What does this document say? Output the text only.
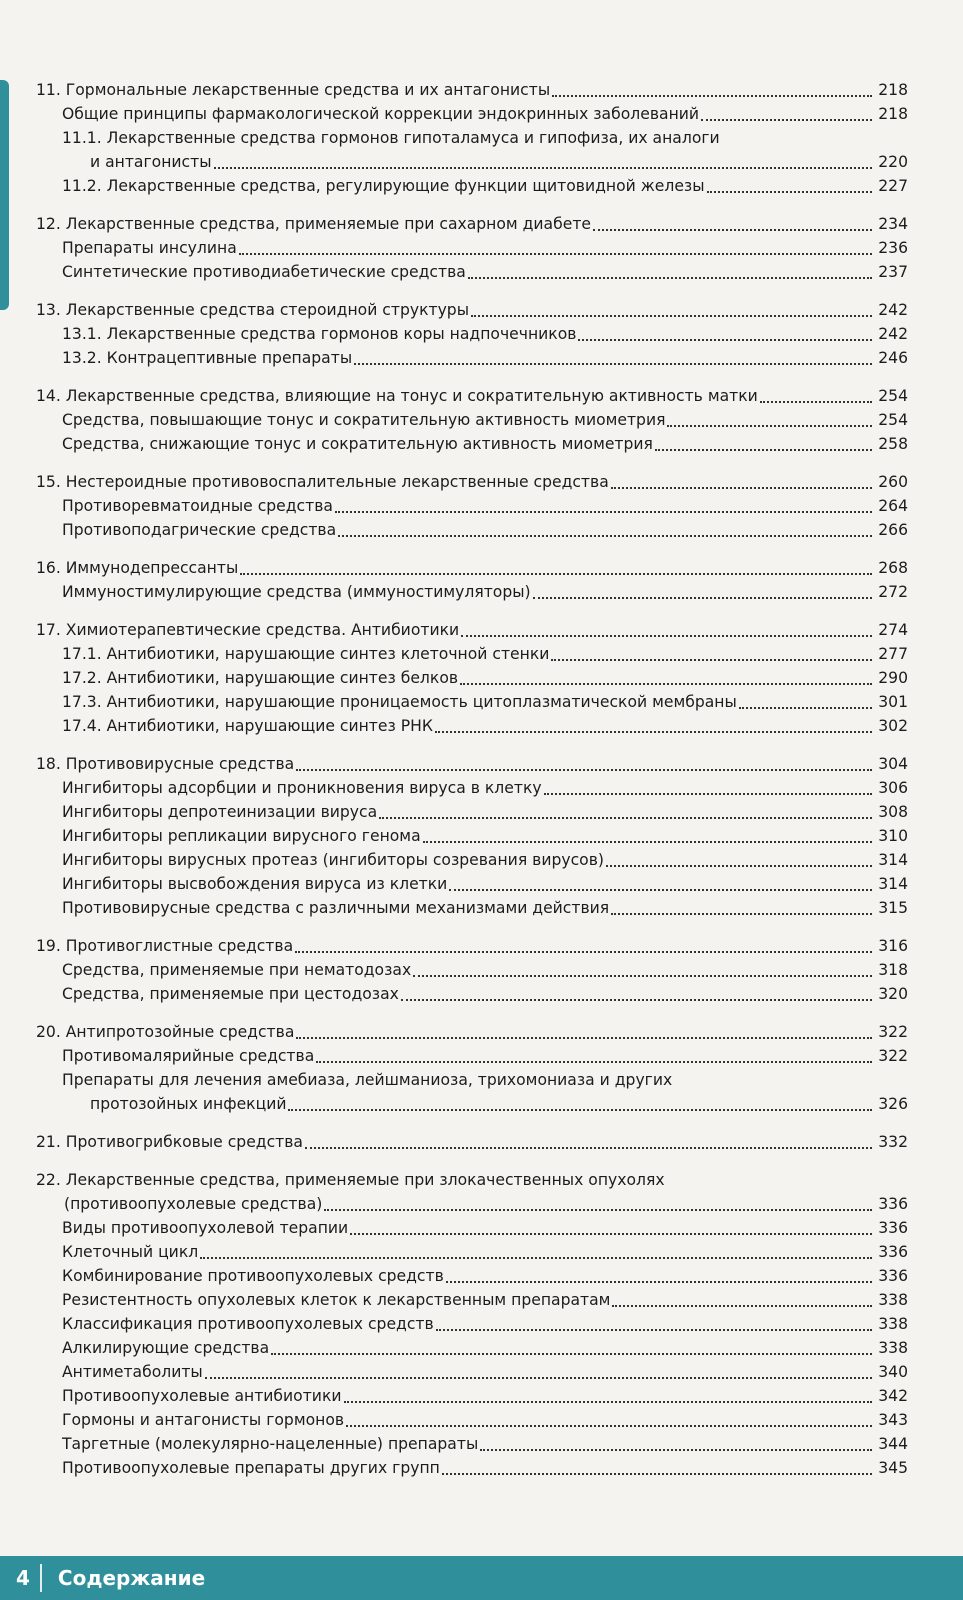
11. Гормональные лекарственные средства и их антагонисты	218
Общие принципы фармакологической коррекции эндокринных заболеваний	218
11.1. Лекарственные средства гормонов гипоталамуса и гипофиза, их аналоги
и антагонисты	220
11.2. Лекарственные средства, регулирующие функции щитовидной железы	227
12. Лекарственные средства, применяемые при сахарном диабете	234
Препараты инсулина	236
Синтетические противодиабетические средства	237
13. Лекарственные средства стероидной структуры	242
13.1. Лекарственные средства гормонов коры надпочечников	242
13.2. Контрацептивные препараты	246
14. Лекарственные средства, влияющие на тонус и сократительную активность матки	254
Средства, повышающие тонус и сократительную активность миометрия	254
Средства, снижающие тонус и сократительную активность миометрия	258
15. Нестероидные противовоспалительные лекарственные средства	260
Противоревматоидные средства	264
Противоподагрические средства	266
16. Иммунодепрессанты	268
Иммуностимулирующие средства (иммуностимуляторы)	272
17. Химиотерапевтические средства. Антибиотики	274
17.1. Антибиотики, нарушающие синтез клеточной стенки	277
17.2. Антибиотики, нарушающие синтез белков	290
17.3. Антибиотики, нарушающие проницаемость цитоплазматической мембраны	301
17.4. Антибиотики, нарушающие синтез РНК	302
18. Противовирусные средства	304
Ингибиторы адсорбции и проникновения вируса в клетку	306
Ингибиторы депротеинизации вируса	308
Ингибиторы репликации вирусного генома	310
Ингибиторы вирусных протеаз (ингибиторы созревания вирусов)	314
Ингибиторы высвобождения вируса из клетки	314
Противовирусные средства с различными механизмами действия	315
19. Противоглистные средства	316
Средства, применяемые при нематодозах	318
Средства, применяемые при цестодозах	320
20. Антипротозойные средства	322
Противомалярийные средства	322
Препараты для лечения амебиаза, лейшманиоза, трихомониаза и других
протозойных инфекций	326
21. Противогрибковые средства	332
22. Лекарственные средства, применяемые при злокачественных опухолях
(противоопухолевые средства)	336
Виды противоопухолевой терапии	336
Клеточный цикл	336
Комбинирование противоопухолевых средств	336
Резистентность опухолевых клеток к лекарственным препаратам	338
Классификация противоопухолевых средств	338
Алкилирующие средства	338
Антиметаболиты	340
Противоопухолевые антибиотики	342
Гормоны и антагонисты гормонов	343
Таргетные (молекулярно-нацеленные) препараты	344
Противоопухолевые препараты других групп	345
4	Содержание
